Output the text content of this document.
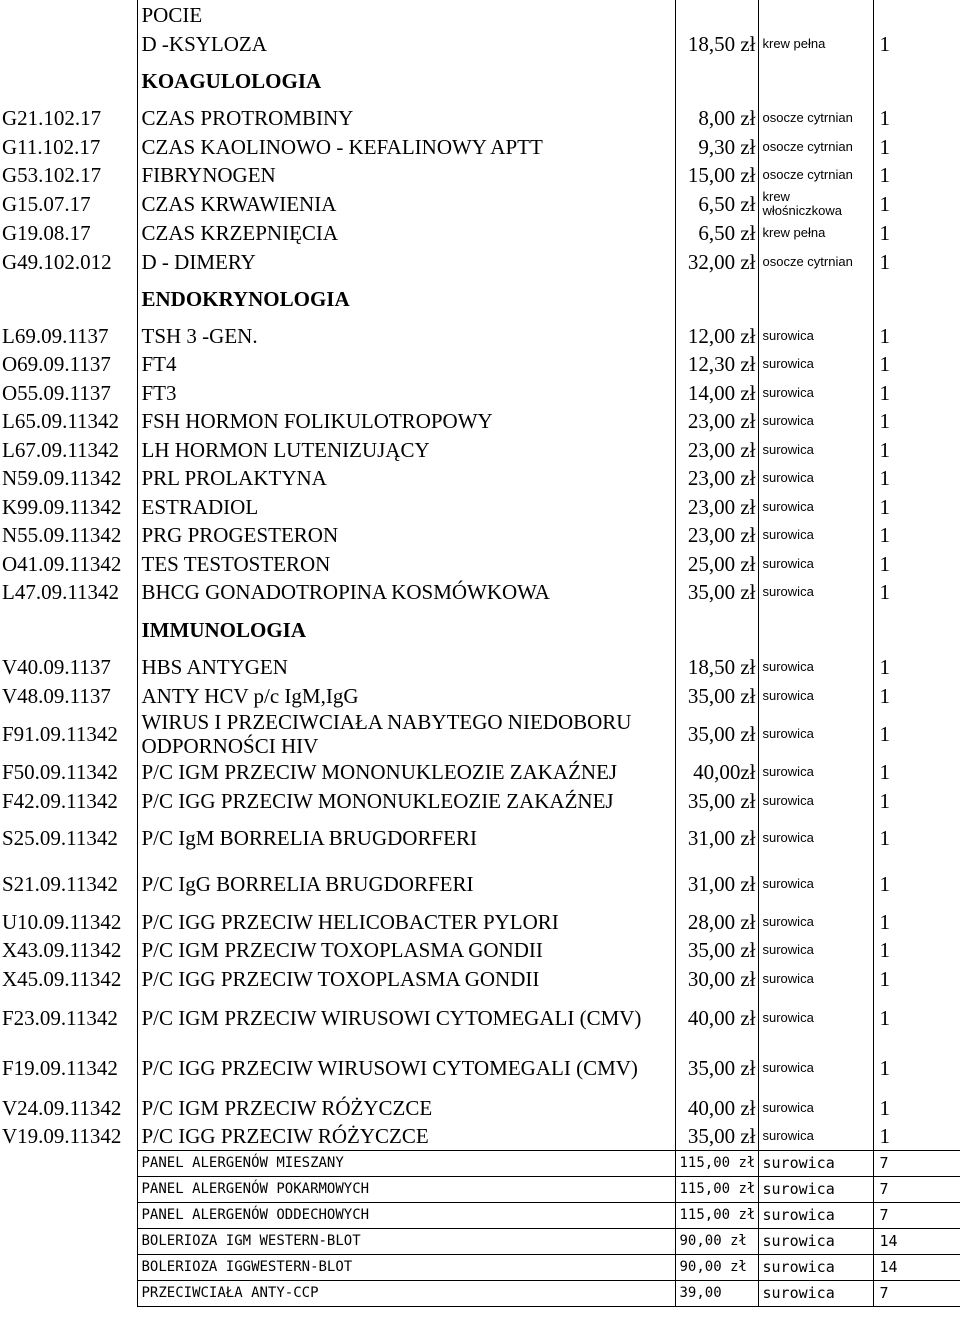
	POCIE			
	D -KSYLOZA	18,50 zł	krew pełna	1
	KOAGULOLOGIA			
G21.102.17	CZAS PROTROMBINY	8,00 zł	osocze cytrnian	1
G11.102.17	CZAS KAOLINOWO - KEFALINOWY APTT	9,30 zł	osocze cytrnian	1
G53.102.17	FIBRYNOGEN	15,00 zł	osocze cytrnian	1
G15.07.17	CZAS KRWAWIENIA	6,50 zł	krew włośniczkowa	1
G19.08.17	CZAS KRZEPNIĘCIA	6,50 zł	krew pełna	1
G49.102.012	D - DIMERY	32,00 zł	osocze cytrnian	1
	ENDOKRYNOLOGIA			
L69.09.1137	TSH 3 -GEN.	12,00 zł	surowica	1
O69.09.1137	FT4	12,30 zł	surowica	1
O55.09.1137	FT3	14,00 zł	surowica	1
L65.09.11342	FSH HORMON FOLIKULOTROPOWY	23,00 zł	surowica	1
L67.09.11342	LH HORMON LUTENIZUJĄCY	23,00 zł	surowica	1
N59.09.11342	PRL PROLAKTYNA	23,00 zł	surowica	1
K99.09.11342	ESTRADIOL	23,00 zł	surowica	1
N55.09.11342	PRG PROGESTERON	23,00 zł	surowica	1
O41.09.11342	TES TESTOSTERON	25,00 zł	surowica	1
L47.09.11342	BHCG GONADOTROPINA KOSMÓWKOWA	35,00 zł	surowica	1
	IMMUNOLOGIA			
V40.09.1137	HBS ANTYGEN	18,50 zł	surowica	1
V48.09.1137	ANTY HCV p/c IgM,IgG	35,00 zł	surowica	1
F91.09.11342	WIRUS I PRZECIWCIAŁA NABYTEGO NIEDOBORU ODPORNOŚCI HIV	35,00 zł	surowica	1
F50.09.11342	P/C IGM PRZECIW MONONUKLEOZIE ZAKAŹNEJ	40,00zł	surowica	1
F42.09.11342	P/C IGG PRZECIW MONONUKLEOZIE ZAKAŹNEJ	35,00 zł	surowica	1
S25.09.11342	P/C IgM BORRELIA BRUGDORFERI	31,00 zł	surowica	1
S21.09.11342	P/C IgG BORRELIA BRUGDORFERI	31,00 zł	surowica	1
U10.09.11342	P/C IGG PRZECIW HELICOBACTER PYLORI	28,00 zł	surowica	1
X43.09.11342	P/C IGM PRZECIW TOXOPLASMA GONDII	35,00 zł	surowica	1
X45.09.11342	P/C IGG PRZECIW TOXOPLASMA GONDII	30,00 zł	surowica	1
F23.09.11342	P/C IGM PRZECIW WIRUSOWI CYTOMEGALI (CMV)	40,00 zł	surowica	1
F19.09.11342	P/C IGG PRZECIW WIRUSOWI CYTOMEGALI (CMV)	35,00 zł	surowica	1
V24.09.11342	P/C IGM PRZECIW RÓŻYCZCE	40,00 zł	surowica	1
V19.09.11342	P/C IGG PRZECIW RÓŻYCZCE	35,00 zł	surowica	1
	PANEL ALERGENÓW MIESZANY	115,00 zł	surowica	7
	PANEL ALERGENÓW POKARMOWYCH	115,00 zł	surowica	7
	PANEL ALERGENÓW ODDECHOWYCH	115,00 zł	surowica	7
	BOLERIOZA IGM WESTERN-BLOT	90,00 zł	surowica	14
	BOLERIOZA IGGWESTERN-BLOT	90,00 zł	surowica	14
	PRZECIWCIAŁA ANTY-CCP	39,00	surowica	7
